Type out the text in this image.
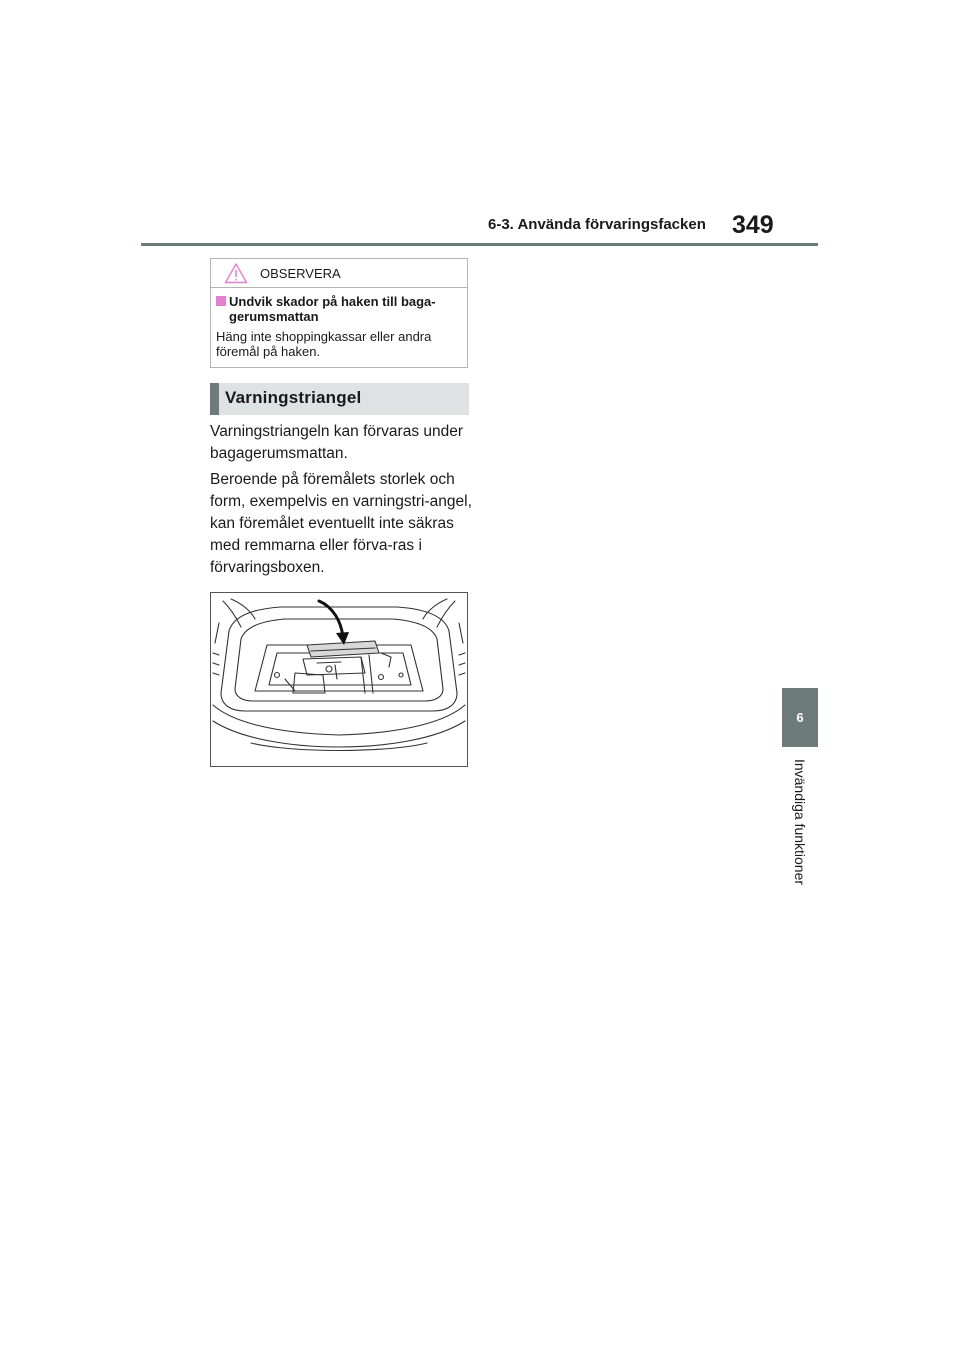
6-3. Använda förvaringsfacken 349
6
Invändiga funktioner
OBSERVERA
Undvik skador på haken till baga-gerumsmattan
Häng inte shoppingkassar eller andra föremål på haken.
Varningstriangel

Varningstriangeln kan förvaras under bagagerumsmattan.

Beroende på föremålets storlek och form, exempelvis en varningstri-angel, kan föremålet eventuellt inte säkras med remmarna eller förva-ras i förvaringsboxen.
